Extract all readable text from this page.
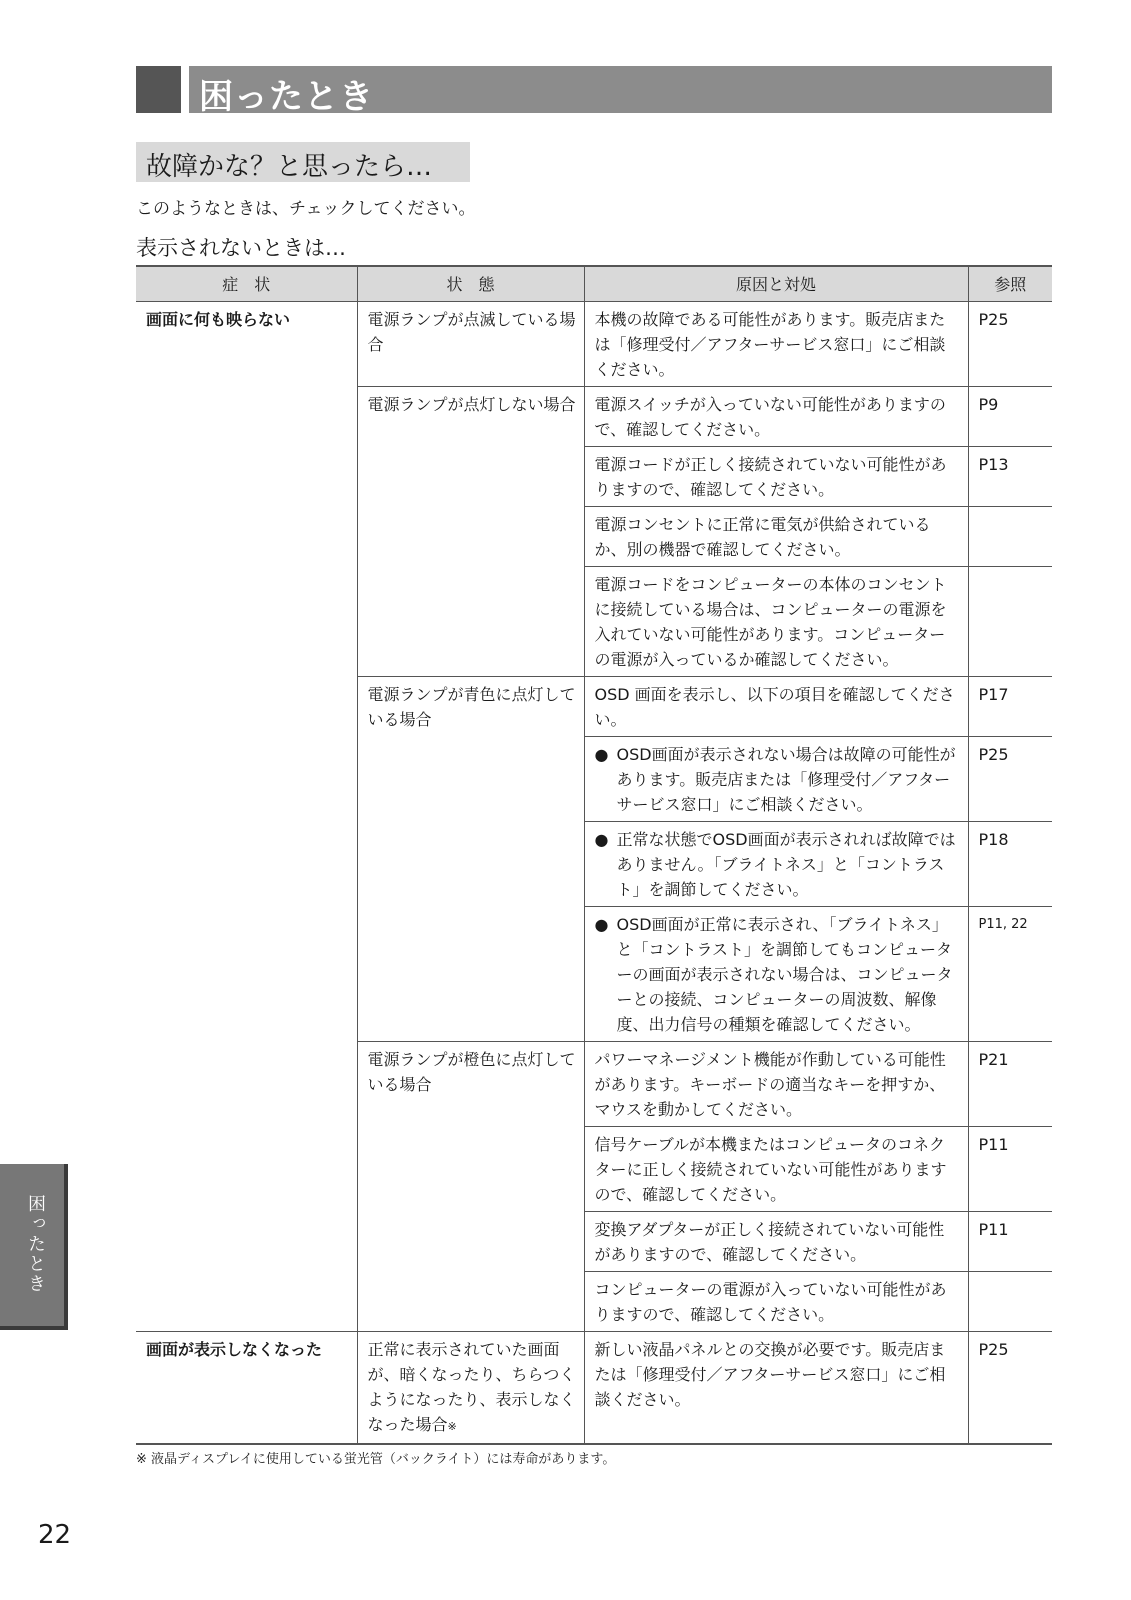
困ったとき
故障かな？と思ったら…
このようなときは、チェックしてください。
表示されないときは…
症　状	状　態	原因と対処	参照
画面に何も映らない	電源ランプが点滅している場合	本機の故障である可能性があります。販売店または「修理受付／アフターサービス窓口」にご相談ください。	P25
	電源ランプが点灯しない場合	電源スイッチが入っていない可能性がありますので、確認してください。	P9
		電源コードが正しく接続されていない可能性がありますので、確認してください。	P13
		電源コンセントに正常に電気が供給されているか、別の機器で確認してください。	
		電源コードをコンピューターの本体のコンセントに接続している場合は、コンピューターの電源を入れていない可能性があります。コンピューターの電源が入っているか確認してください。	
	電源ランプが青色に点灯している場合	OSD 画面を表示し、以下の項目を確認してください。	P17

		● OSD画面が表示されない場合は故障の可能性があります。販売店または「修理受付／アフターサービス窓口」にご相談ください。	P25

		● 正常な状態でOSD画面が表示されれば故障ではありません。「ブライトネス」と「コントラスト」を調節してください。	P18

		● OSD画面が正常に表示され、「ブライトネス」と「コントラスト」を調節してもコンピューターの画面が表示されない場合は、コンピューターとの接続、コンピューターの周波数、解像度、出力信号の種類を確認してください。	P11, 22
	電源ランプが橙色に点灯している場合	パワーマネージメント機能が作動している可能性があります。キーボードの適当なキーを押すか、マウスを動かしてください。	P21
		信号ケーブルが本機またはコンピュータのコネクターに正しく接続されていない可能性がありますので、確認してください。	P11
		変換アダプターが正しく接続されていない可能性がありますので、確認してください。	P11
		コンピューターの電源が入っていない可能性がありますので、確認してください。	
画面が表示しなくなった	正常に表示されていた画面が、暗くなったり、ちらつくようになったり、表示しなくなった場合※	新しい液晶パネルとの交換が必要です。販売店または「修理受付／アフターサービス窓口」にご相談ください。	P25
※ 液晶ディスプレイに使用している蛍光管（バックライト）には寿命があります。
22
困ったとき
